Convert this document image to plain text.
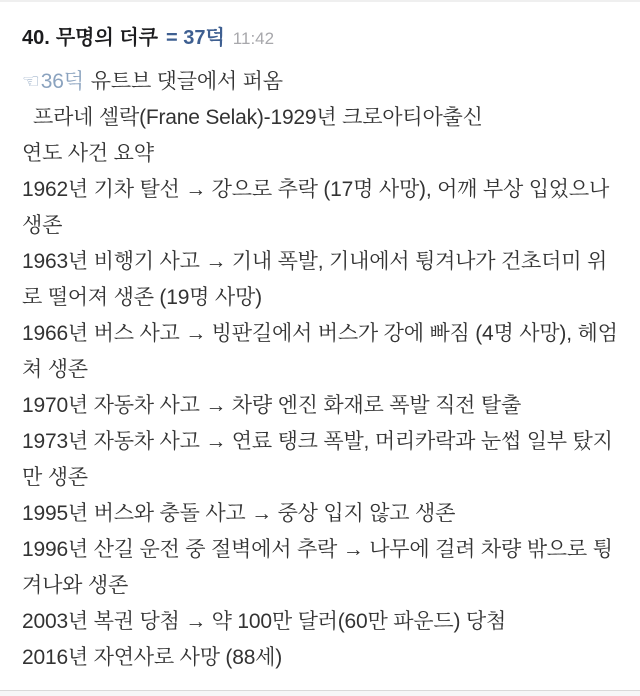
40. 무명의 더쿠 = 37덕 11:42

☜36덕 유트브 댓글에서 퍼옴

프라네 셀락(Frane Selak)-1929년 크로아티아출신

연도 사건 요약

1962년 기차 탈선 → 강으로 추락 (17명 사망), 어깨 부상 입었으나 생존

1963년 비행기 사고 → 기내 폭발, 기내에서 튕겨나가 건초더미 위로 떨어져 생존 (19명 사망)

1966년 버스 사고 → 빙판길에서 버스가 강에 빠짐 (4명 사망), 헤엄쳐 생존

1970년 자동차 사고 → 차량 엔진 화재로 폭발 직전 탈출

1973년 자동차 사고 → 연료 탱크 폭발, 머리카락과 눈썹 일부 탔지만 생존

1995년 버스와 충돌 사고 → 중상 입지 않고 생존

1996년 산길 운전 중 절벽에서 추락 → 나무에 걸려 차량 밖으로 튕겨나와 생존

2003년 복권 당첨 → 약 100만 달러(60만 파운드) 당첨

2016년 자연사로 사망 (88세)
